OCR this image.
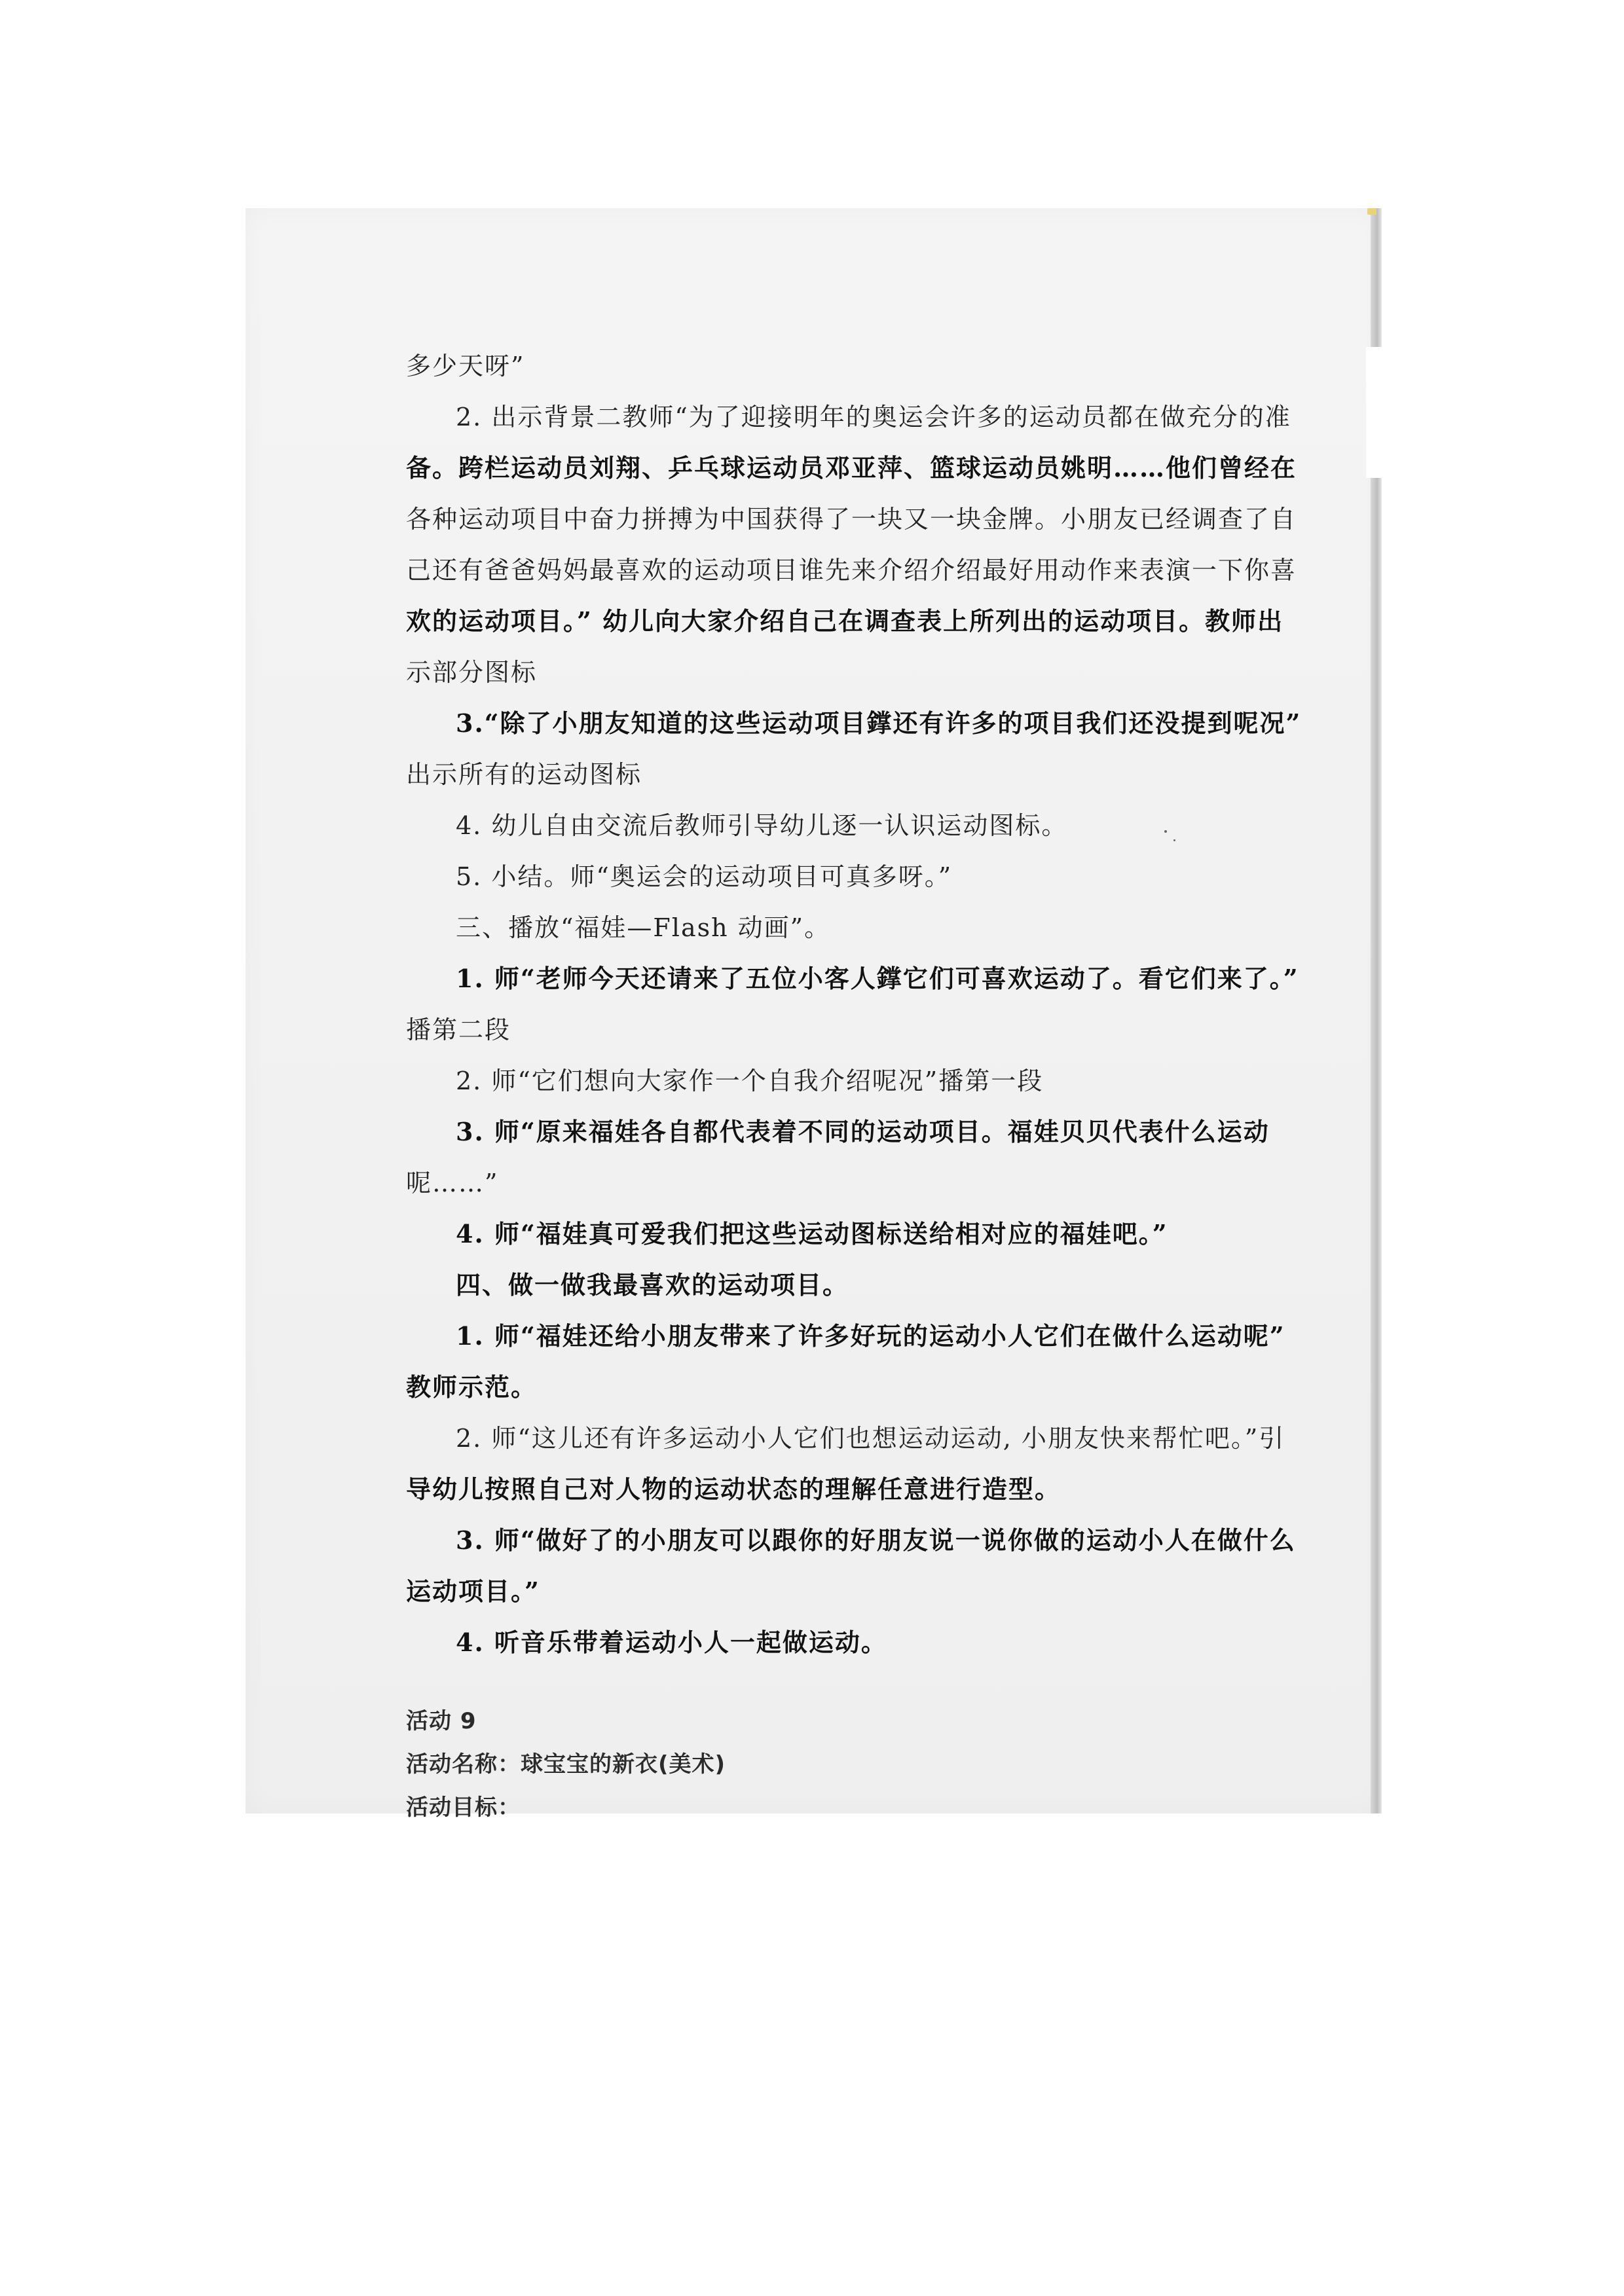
多少天呀”
2. 出示背景二教师“为了迎接明年的奥运会许多的运动员都在做充分的准
备。跨栏运动员刘翔、乒乓球运动员邓亚萍、篮球运动员姚明……他们曾经在
各种运动项目中奋力拼搏为中国获得了一块又一块金牌。小朋友已经调查了自
己还有爸爸妈妈最喜欢的运动项目谁先来介绍介绍最好用动作来表演一下你喜
欢的运动项目。” 幼儿向大家介绍自己在调查表上所列出的运动项目。教师出
示部分图标
3.“除了小朋友知道的这些运动项目鐣还有许多的项目我们还没提到呢况”
出示所有的运动图标
4. 幼儿自由交流后教师引导幼儿逐一认识运动图标。
5. 小结。师“奥运会的运动项目可真多呀。”
三、播放“福娃—Flash 动画”。
1. 师“老师今天还请来了五位小客人鐣它们可喜欢运动了。看它们来了。”
播第二段
2. 师“它们想向大家作一个自我介绍呢况”播第一段
3. 师“原来福娃各自都代表着不同的运动项目。福娃贝贝代表什么运动
呢……”
4. 师“福娃真可爱我们把这些运动图标送给相对应的福娃吧。”
四、做一做我最喜欢的运动项目。
1. 师“福娃还给小朋友带来了许多好玩的运动小人它们在做什么运动呢”
教师示范。
2. 师“这儿还有许多运动小人它们也想运动运动, 小朋友快来帮忙吧。”引
导幼儿按照自己对人物的运动状态的理解任意进行造型。
3. 师“做好了的小朋友可以跟你的好朋友说一说你做的运动小人在做什么
运动项目。”
4. 听音乐带着运动小人一起做运动。
活动 9
活动名称：球宝宝的新衣(美术)
活动目标：
